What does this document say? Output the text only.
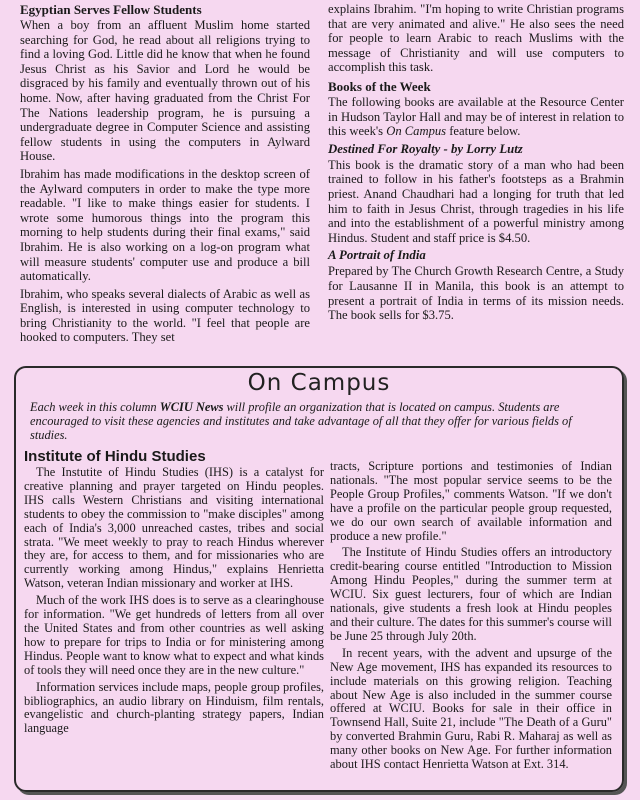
Egyptian Serves Fellow Students

When a boy from an affluent Muslim home started searching for God, he read about all religions trying to find a loving God. Little did he know that when he found Jesus Christ as his Savior and Lord he would be disgraced by his family and eventually thrown out of his home. Now, after having graduated from the Christ For The Nations leadership program, he is pursuing a undergraduate degree in Computer Science and assisting fellow students in using the computers in Aylward House.

Ibrahim has made modifications in the desktop screen of the Aylward computers in order to make the type more readable. "I like to make things easier for students. I wrote some humorous things into the program this morning to help students during their final exams," said Ibrahim. He is also working on a log-on program what will measure students' computer use and produce a bill automatically.

Ibrahim, who speaks several dialects of Arabic as well as English, is interested in using computer technology to bring Christianity to the world. "I feel that people are hooked to computers. They set

explains Ibrahim. "I'm hoping to write Christian programs that are very animated and alive." He also sees the need for people to learn Arabic to reach Muslims with the message of Christianity and will use computers to accomplish this task.

Books of the Week

The following books are available at the Resource Center in Hudson Taylor Hall and may be of interest in relation to this week's On Campus feature below.

Destined For Royalty - by Lorry Lutz

This book is the dramatic story of a man who had been trained to follow in his father's footsteps as a Brahmin priest. Anand Chaudhari had a longing for truth that led him to faith in Jesus Christ, through tragedies in his life and into the establishment of a powerful ministry among Hindus. Student and staff price is $4.50.

A Portrait of India

Prepared by The Church Growth Research Centre, a Study for Lausanne II in Manila, this book is an attempt to present a portrait of India in terms of its mission needs. The book sells for $3.75.

On Campus
Each week in this column WCIU News will profile an organization that is located on campus. Students are encouraged to visit these agencies and institutes and take advantage of all that they offer for various fields of studies.
Institute of Hindu Studies

The Instutite of Hindu Studies (IHS) is a catalyst for creative planning and prayer targeted on Hindu peoples. IHS calls Western Christians and visiting international students to obey the commission to "make disciples" among each of India's 3,000 unreached castes, tribes and social strata. "We meet weekly to pray to reach Hindus wherever they are, for access to them, and for missionaries who are currently working among Hindus," explains Henrietta Watson, veteran Indian missionary and worker at IHS.

Much of the work IHS does is to serve as a clearinghouse for information. "We get hundreds of letters from all over the United States and from other countries as well asking how to prepare for trips to India or for ministering among Hindus. People want to know what to expect and what kinds of tools they will need once they are in the new culture."

Information services include maps, people group profiles, bibliographics, an audio library on Hinduism, film rentals, evangelistic and church-planting strategy papers, Indian language

tracts, Scripture portions and testimonies of Indian nationals. "The most popular service seems to be the People Group Profiles," comments Watson. "If we don't have a profile on the particular people group requested, we do our own search of available information and produce a new profile."

The Institute of Hindu Studies offers an introductory credit-bearing course entitled "Introduction to Mission Among Hindu Peoples," during the summer term at WCIU. Six guest lecturers, four of which are Indian nationals, give students a fresh look at Hindu peoples and their culture. The dates for this summer's course will be June 25 through July 20th.

In recent years, with the advent and upsurge of the New Age movement, IHS has expanded its resources to include materials on this growing religion. Teaching about New Age is also included in the summer course offered at WCIU. Books for sale in their office in Townsend Hall, Suite 21, include "The Death of a Guru" by converted Brahmin Guru, Rabi R. Maharaj as well as many other books on New Age. For further information about IHS contact Henrietta Watson at Ext. 314.
